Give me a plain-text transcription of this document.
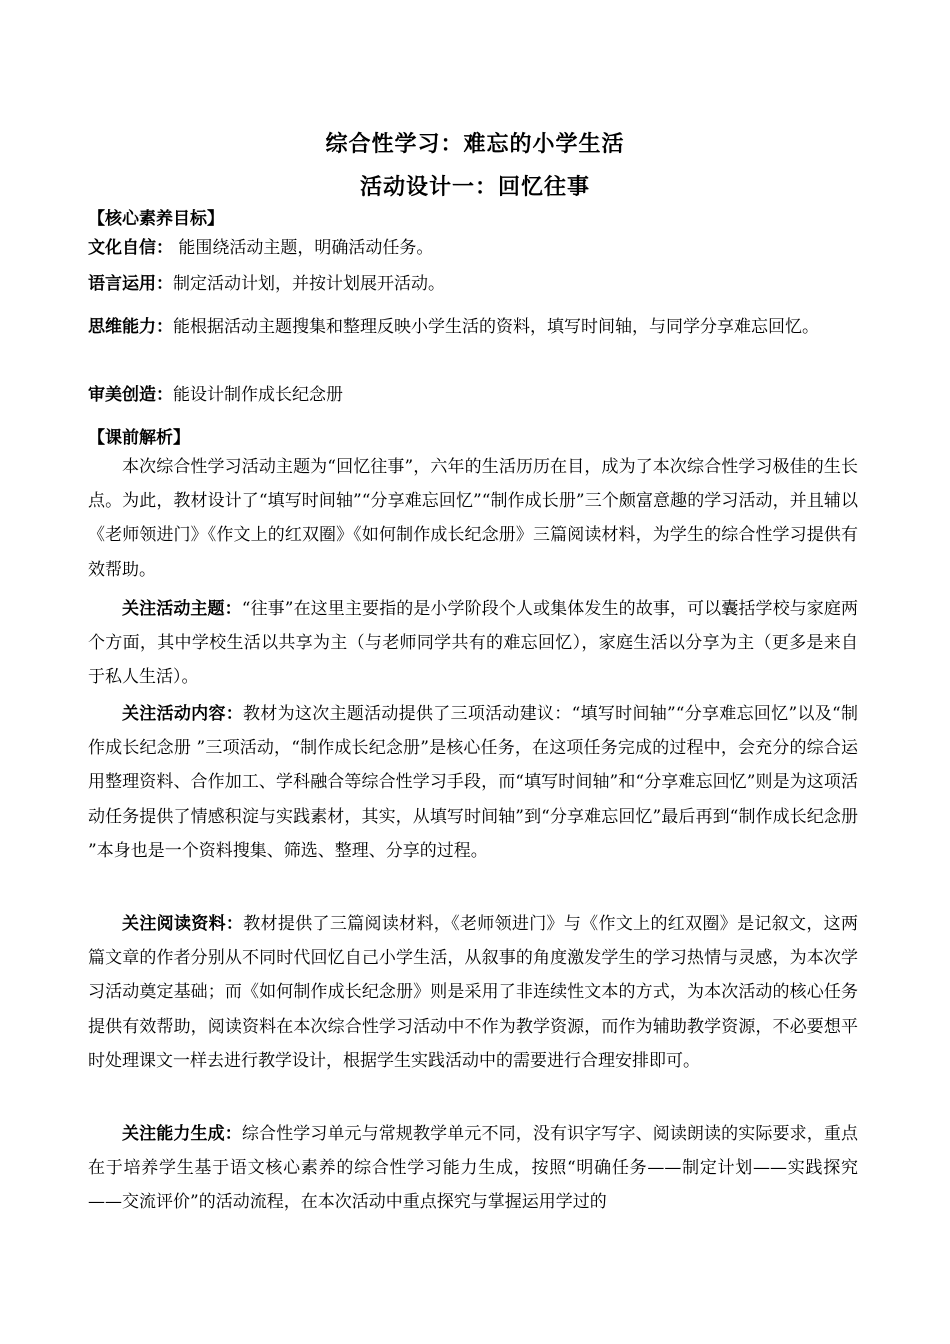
综合性学习：难忘的小学生活
活动设计一：回忆往事
【核心素养目标】
文化自信： 能围绕活动主题，明确活动任务。
语言运用：制定活动计划，并按计划展开活动。
思维能力：能根据活动主题搜集和整理反映小学生活的资料，填写时间轴，与同学分享难忘回忆。
审美创造：能设计制作成长纪念册
【课前解析】
本次综合性学习活动主题为“回忆往事”，六年的生活历历在目，成为了本次综合性学习极佳的生长点。为此，教材设计了“填写时间轴”“分享难忘回忆”“制作成长册”三个颇富意趣的学习活动，并且辅以《老师领进门》《作文上的红双圈》《如何制作成长纪念册》三篇阅读材料，为学生的综合性学习提供有效帮助。
关注活动主题：“往事”在这里主要指的是小学阶段个人或集体发生的故事，可以囊括学校与家庭两个方面，其中学校生活以共享为主（与老师同学共有的难忘回忆），家庭生活以分享为主（更多是来自于私人生活）。
关注活动内容：教材为这次主题活动提供了三项活动建议：“填写时间轴”“分享难忘回忆”以及“制作成长纪念册 ”三项活动，“制作成长纪念册”是核心任务，在这项任务完成的过程中，会充分的综合运用整理资料、合作加工、学科融合等综合性学习手段，而“填写时间轴”和“分享难忘回忆”则是为这项活动任务提供了情感积淀与实践素材，其实，从填写时间轴”到“分享难忘回忆”最后再到“制作成长纪念册 ”本身也是一个资料搜集、筛选、整理、分享的过程。
关注阅读资料：教材提供了三篇阅读材料，《老师领进门》与《作文上的红双圈》是记叙文，这两篇文章的作者分别从不同时代回忆自己小学生活，从叙事的角度激发学生的学习热情与灵感，为本次学习活动奠定基础；而《如何制作成长纪念册》则是采用了非连续性文本的方式，为本次活动的核心任务提供有效帮助，阅读资料在本次综合性学习活动中不作为教学资源，而作为辅助教学资源，不必要想平时处理课文一样去进行教学设计，根据学生实践活动中的需要进行合理安排即可。
关注能力生成：综合性学习单元与常规教学单元不同，没有识字写字、阅读朗读的实际要求，重点在于培养学生基于语文核心素养的综合性学习能力生成，按照“明确任务——制定计划——实践探究——交流评价”的活动流程，在本次活动中重点探究与掌握运用学过的
